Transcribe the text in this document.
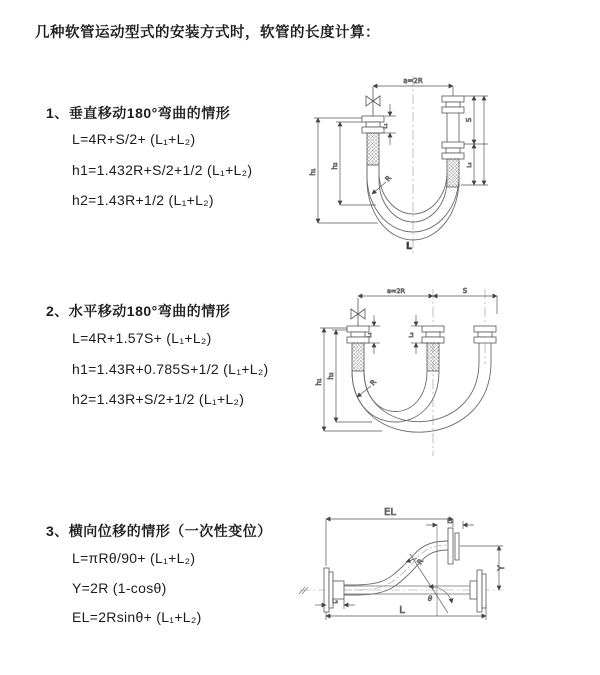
几种软管运动型式的安装方式时，软管的长度计算：
1、垂直移动180°弯曲的情形
L=4R+S/2+ (L₁+L₂)
h1=1.432R+S/2+1/2 (L₁+L₂)
h2=1.43R+1/2 (L₁+L₂)
2、水平移动180°弯曲的情形
L=4R+1.57S+ (L₁+L₂)
h1=1.43R+0.785S+1/2 (L₁+L₂)
h2=1.43R+S/2+1/2 (L₁+L₂)
3、横向位移的情形（一次性变位）
L=πRθ/90+ (L₁+L₂)
Y=2R (1-cosθ)
EL=2Rsinθ+ (L₁+L₂)
a=2R
R
h₁
h₂
S
L₂
L₁
L
a=2R	S
R
h₁
h₂
L₁	L₂
EL
L₁
Y
θ
R
L₂
L
